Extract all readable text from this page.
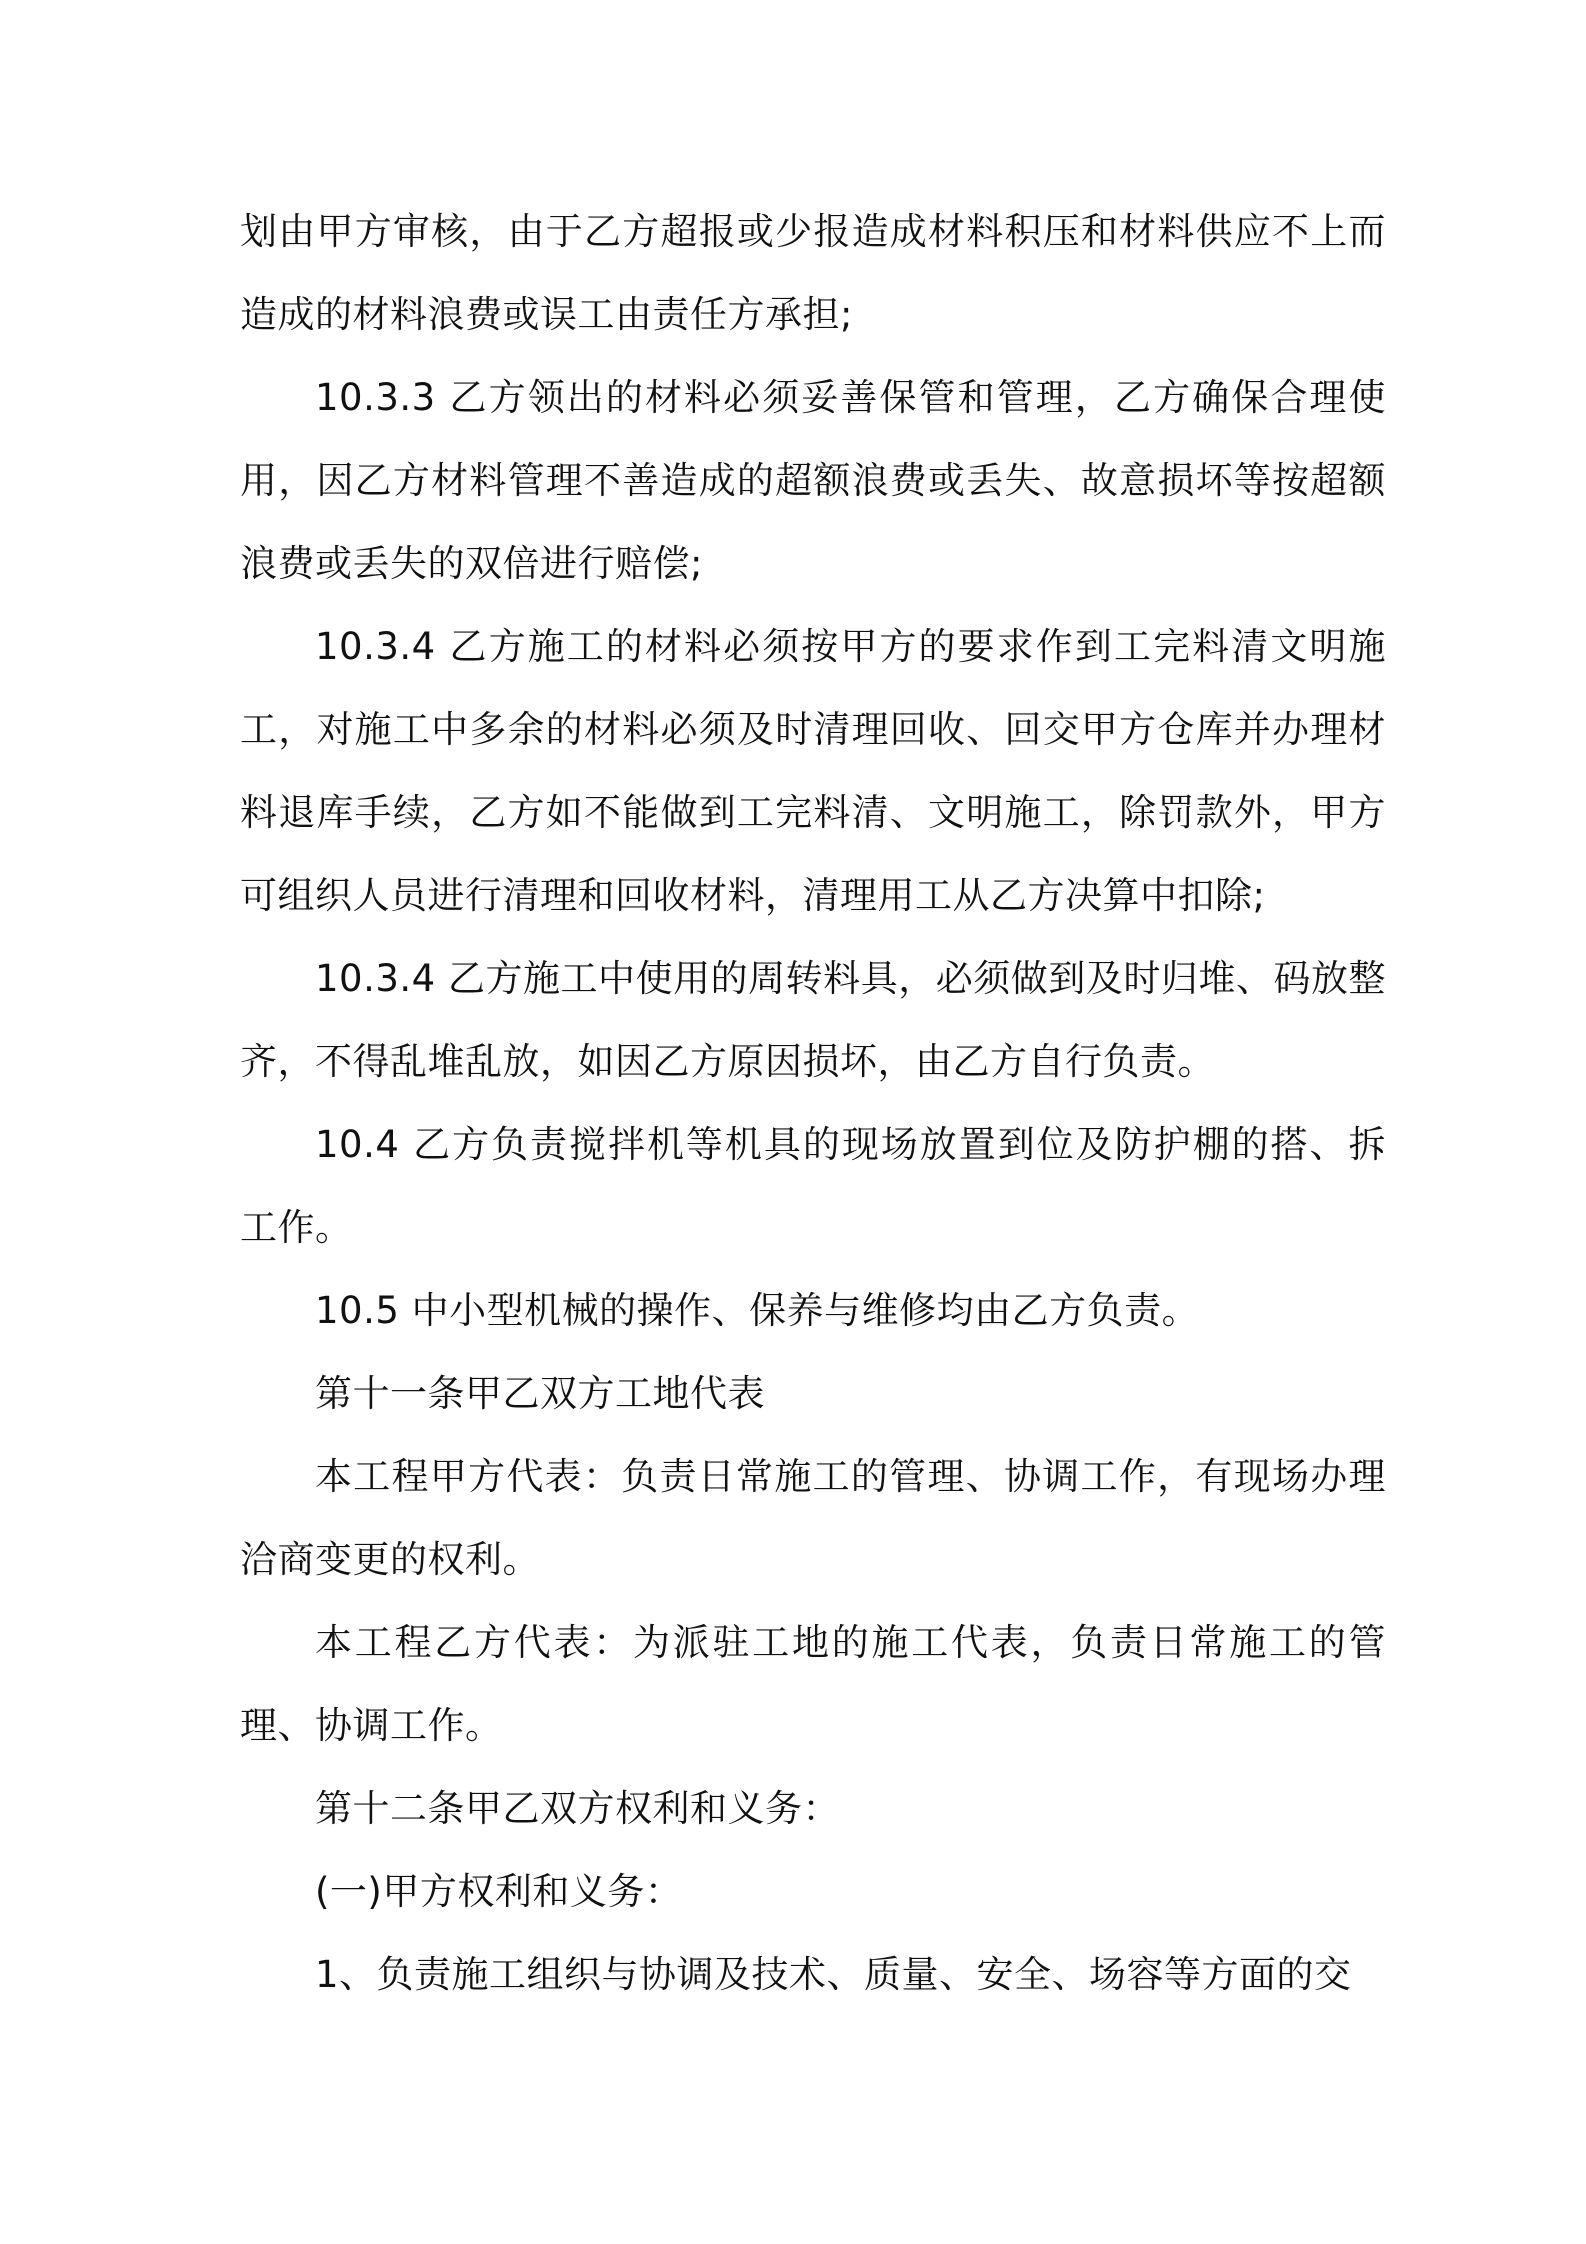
划由甲方审核，由于乙方超报或少报造成材料积压和材料供应不上而造成的材料浪费或误工由责任方承担;

10.3.3 乙方领出的材料必须妥善保管和管理，乙方确保合理使用，因乙方材料管理不善造成的超额浪费或丢失、故意损坏等按超额浪费或丢失的双倍进行赔偿;

10.3.4 乙方施工的材料必须按甲方的要求作到工完料清文明施工，对施工中多余的材料必须及时清理回收、回交甲方仓库并办理材料退库手续，乙方如不能做到工完料清、文明施工，除罚款外，甲方可组织人员进行清理和回收材料，清理用工从乙方决算中扣除;

10.3.4 乙方施工中使用的周转料具，必须做到及时归堆、码放整齐，不得乱堆乱放，如因乙方原因损坏，由乙方自行负责。

10.4 乙方负责搅拌机等机具的现场放置到位及防护棚的搭、拆工作。

10.5 中小型机械的操作、保养与维修均由乙方负责。

第十一条甲乙双方工地代表

本工程甲方代表：负责日常施工的管理、协调工作，有现场办理洽商变更的权利。

本工程乙方代表：为派驻工地的施工代表，负责日常施工的管理、协调工作。

第十二条甲乙双方权利和义务：

(一)甲方权利和义务：

1、负责施工组织与协调及技术、质量、安全、场容等方面的交
